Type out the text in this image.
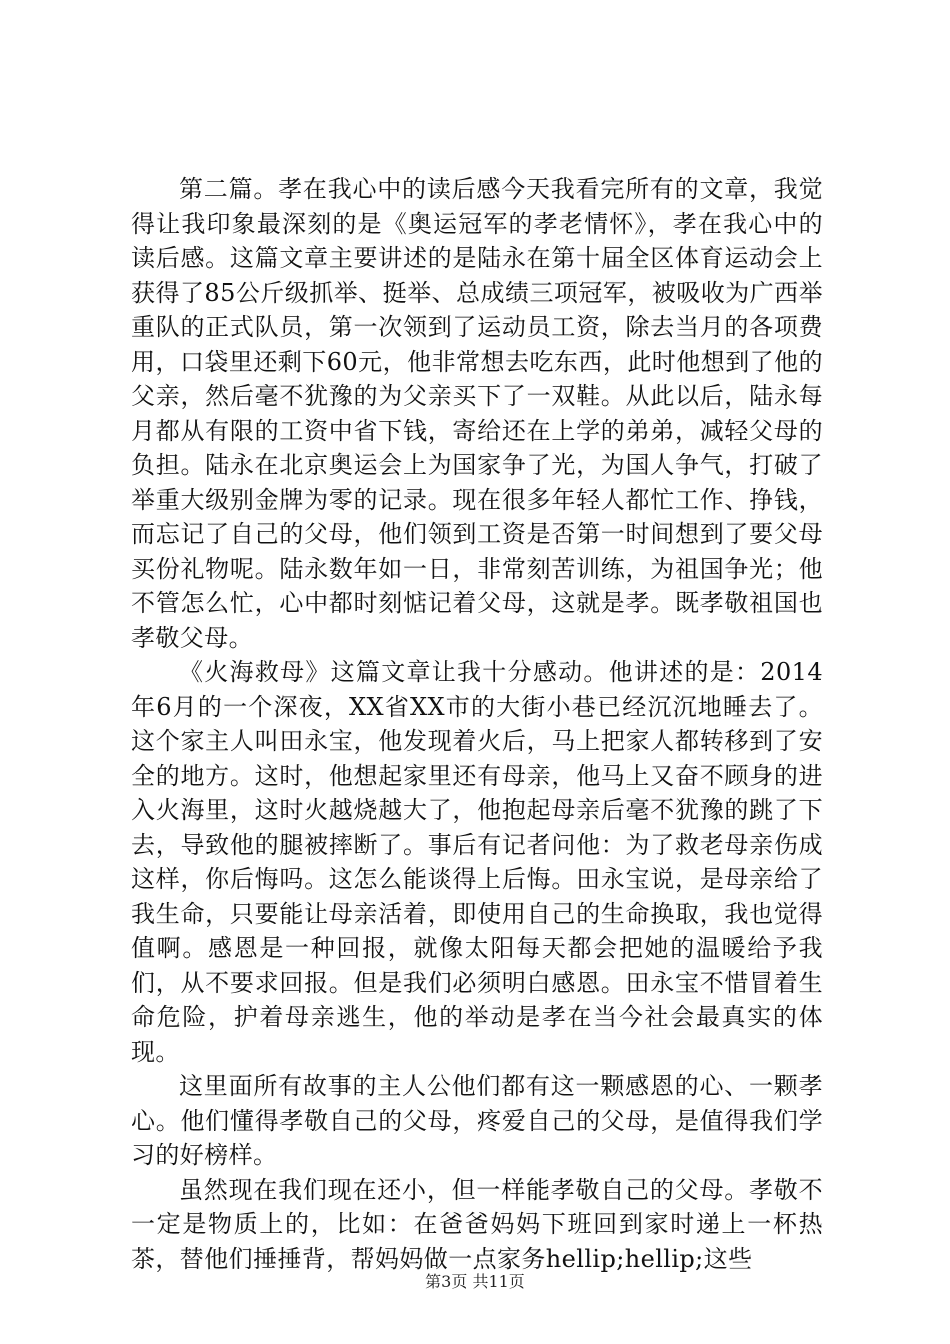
第二篇。孝在我心中的读后感今天我看完所有的文章，我觉得让我印象最深刻的是《奥运冠军的孝老情怀》，孝在我心中的读后感。这篇文章主要讲述的是陆永在第十届全区体育运动会上获得了85公斤级抓举、挺举、总成绩三项冠军，被吸收为广西举重队的正式队员，第一次领到了运动员工资，除去当月的各项费用，口袋里还剩下60元，他非常想去吃东西，此时他想到了他的父亲，然后毫不犹豫的为父亲买下了一双鞋。从此以后，陆永每月都从有限的工资中省下钱，寄给还在上学的弟弟，减轻父母的负担。陆永在北京奥运会上为国家争了光，为国人争气，打破了举重大级别金牌为零的记录。现在很多年轻人都忙工作、挣钱，而忘记了自己的父母，他们领到工资是否第一时间想到了要父母买份礼物呢。陆永数年如一日，非常刻苦训练，为祖国争光；他不管怎么忙，心中都时刻惦记着父母，这就是孝。既孝敬祖国也孝敬父母。

《火海救母》这篇文章让我十分感动。他讲述的是：2014年6月的一个深夜，XX省XX市的大街小巷已经沉沉地睡去了。这个家主人叫田永宝，他发现着火后，马上把家人都转移到了安全的地方。这时，他想起家里还有母亲，他马上又奋不顾身的进入火海里，这时火越烧越大了，他抱起母亲后毫不犹豫的跳了下去，导致他的腿被摔断了。事后有记者问他：为了救老母亲伤成这样，你后悔吗。这怎么能谈得上后悔。田永宝说，是母亲给了我生命，只要能让母亲活着，即使用自己的生命换取，我也觉得值啊。感恩是一种回报，就像太阳每天都会把她的温暖给予我们，从不要求回报。但是我们必须明白感恩。田永宝不惜冒着生命危险，护着母亲逃生，他的举动是孝在当今社会最真实的体现。

这里面所有故事的主人公他们都有这一颗感恩的心、一颗孝心。他们懂得孝敬自己的父母，疼爱自己的父母，是值得我们学习的好榜样。

虽然现在我们现在还小，但一样能孝敬自己的父母。孝敬不一定是物质上的，比如：在爸爸妈妈下班回到家时递上一杯热茶，替他们捶捶背，帮妈妈做一点家务hellip;hellip;这些

第3页 共11页
